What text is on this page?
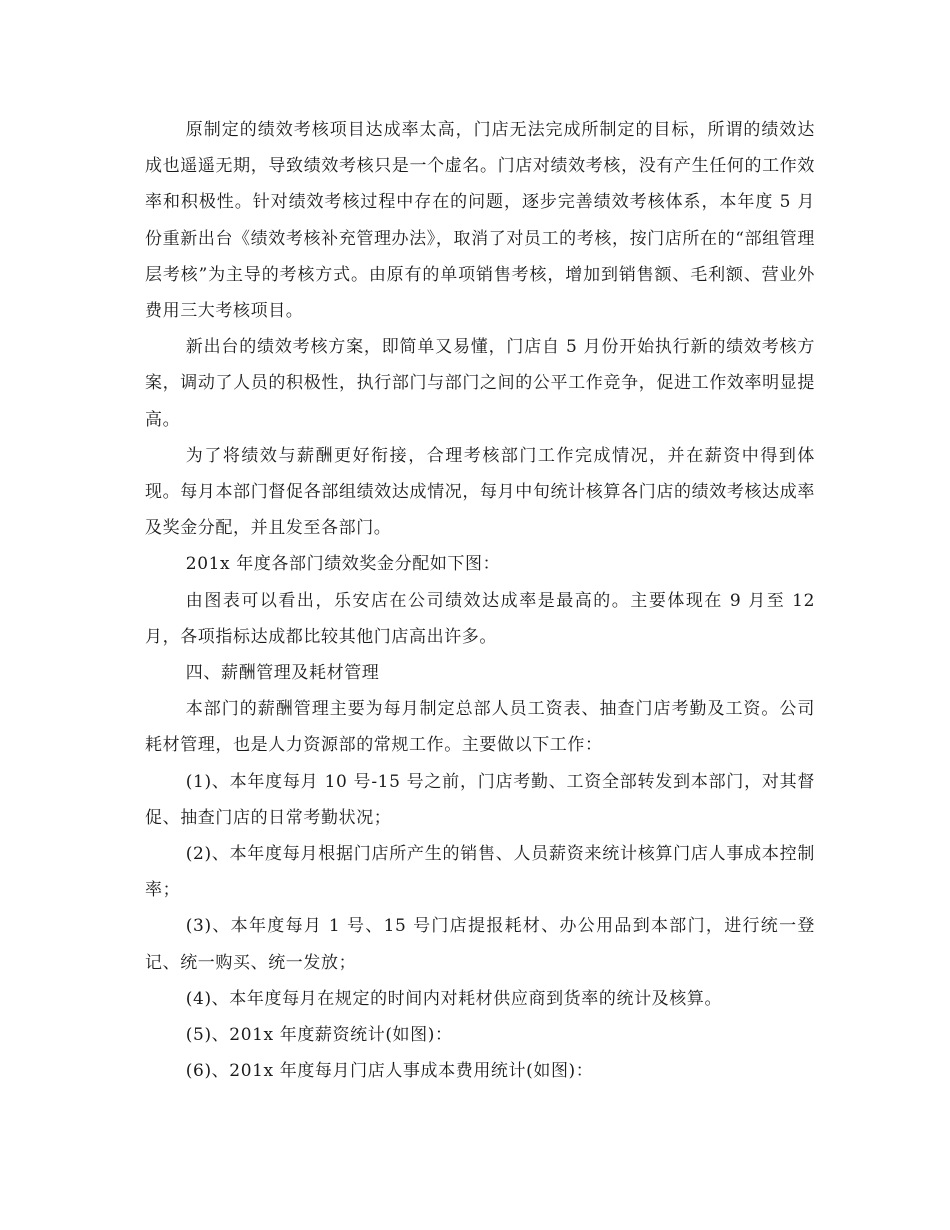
原制定的绩效考核项目达成率太高，门店无法完成所制定的目标，所谓的绩效达成也遥遥无期，导致绩效考核只是一个虚名。门店对绩效考核，没有产生任何的工作效率和积极性。针对绩效考核过程中存在的问题，逐步完善绩效考核体系，本年度 5 月份重新出台《绩效考核补充管理办法》，取消了对员工的考核，按门店所在的“部组管理层考核”为主导的考核方式。由原有的单项销售考核，增加到销售额、毛利额、营业外费用三大考核项目。

新出台的绩效考核方案，即简单又易懂，门店自 5 月份开始执行新的绩效考核方案，调动了人员的积极性，执行部门与部门之间的公平工作竞争，促进工作效率明显提高。

为了将绩效与薪酬更好衔接，合理考核部门工作完成情况，并在薪资中得到体现。每月本部门督促各部组绩效达成情况，每月中旬统计核算各门店的绩效考核达成率及奖金分配，并且发至各部门。

201x 年度各部门绩效奖金分配如下图：

由图表可以看出，乐安店在公司绩效达成率是最高的。主要体现在 9 月至 12 月，各项指标达成都比较其他门店高出许多。

四、薪酬管理及耗材管理

本部门的薪酬管理主要为每月制定总部人员工资表、抽查门店考勤及工资。公司耗材管理，也是人力资源部的常规工作。主要做以下工作：

(1)、本年度每月 10 号-15 号之前，门店考勤、工资全部转发到本部门，对其督促、抽查门店的日常考勤状况；

(2)、本年度每月根据门店所产生的销售、人员薪资来统计核算门店人事成本控制率；

(3)、本年度每月 1 号、15 号门店提报耗材、办公用品到本部门，进行统一登记、统一购买、统一发放；

(4)、本年度每月在规定的时间内对耗材供应商到货率的统计及核算。

(5)、201x 年度薪资统计(如图)：

(6)、201x 年度每月门店人事成本费用统计(如图)：
